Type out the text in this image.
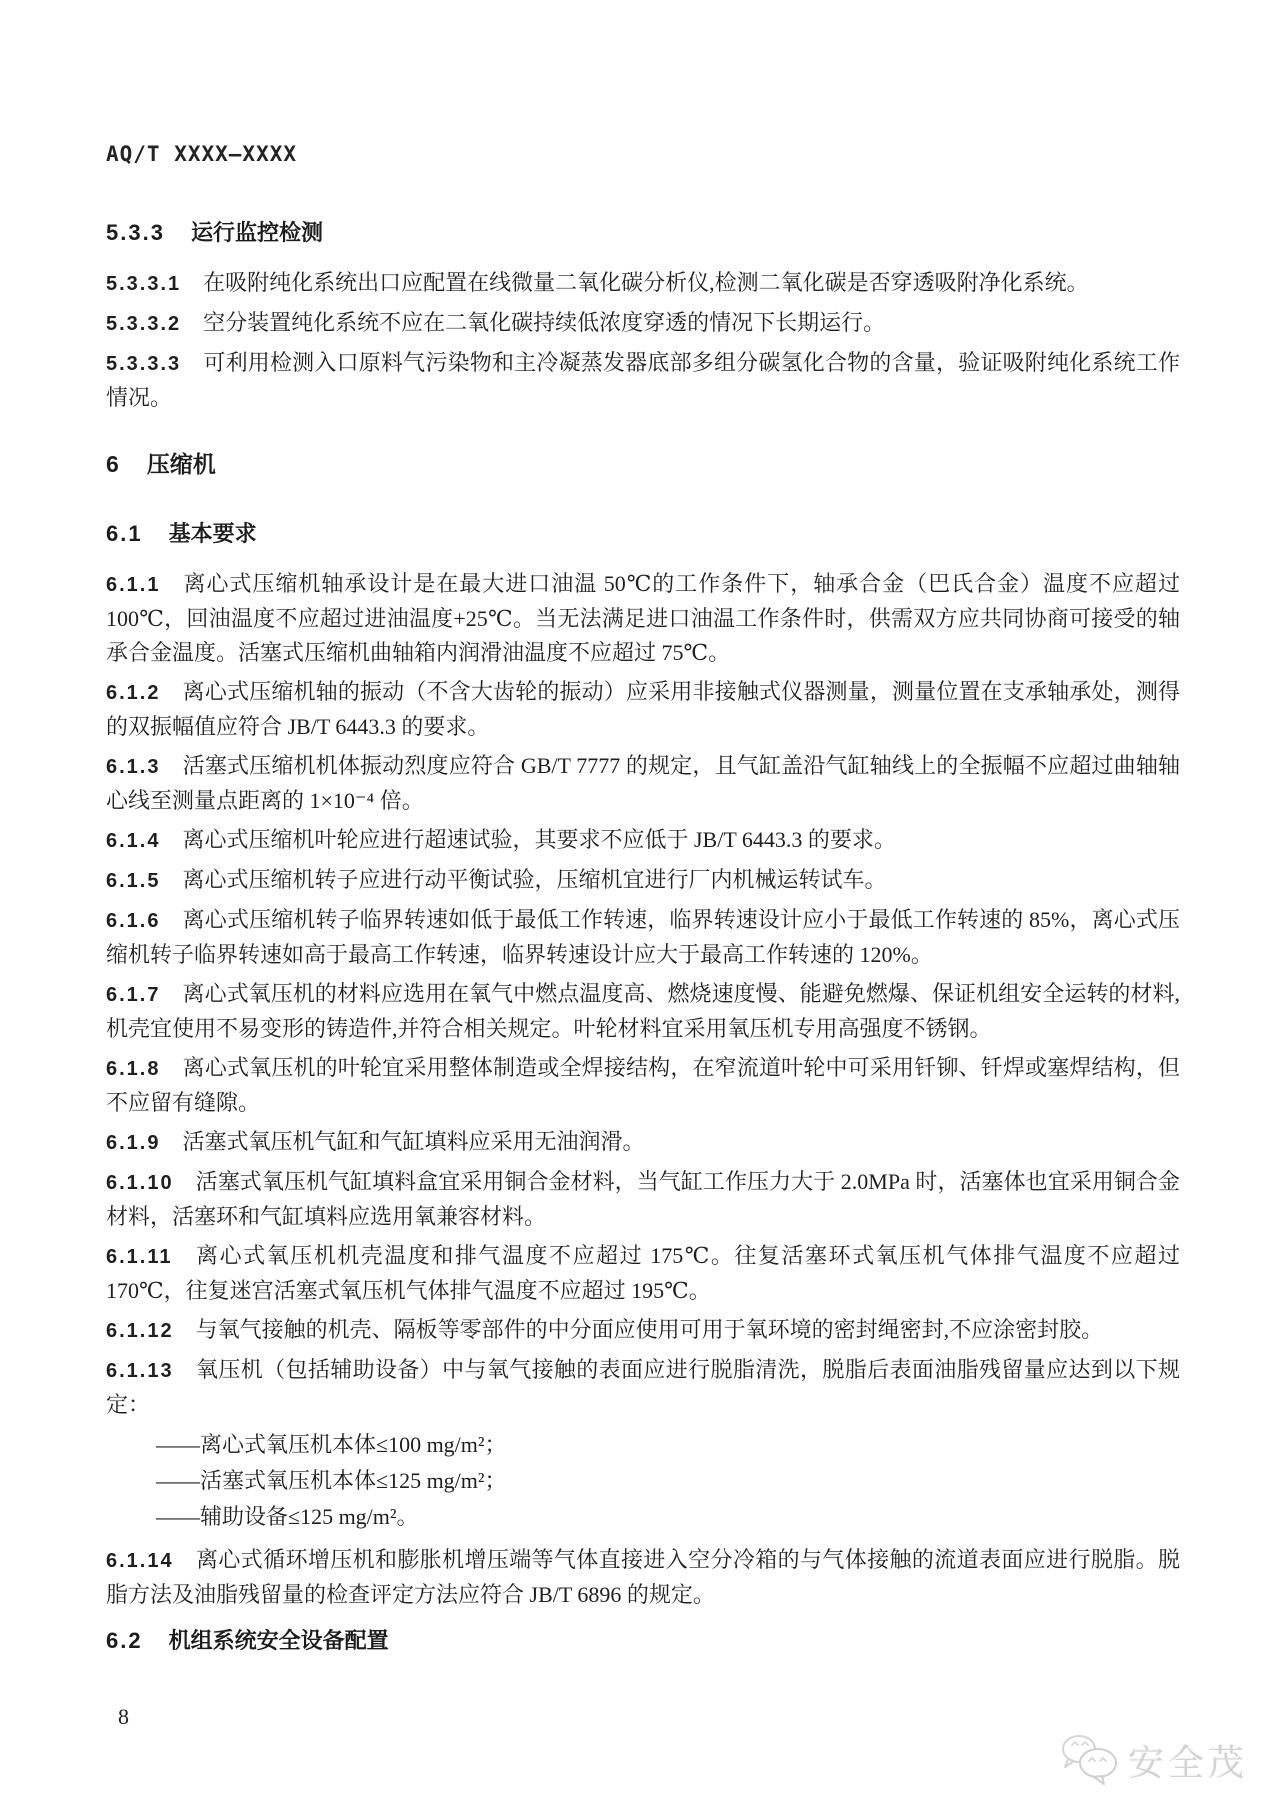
AQ/T XXXX—XXXX

5.3.3 运行监控检测

5.3.3.1 在吸附纯化系统出口应配置在线微量二氧化碳分析仪,检测二氧化碳是否穿透吸附净化系统。

5.3.3.2 空分装置纯化系统不应在二氧化碳持续低浓度穿透的情况下长期运行。

5.3.3.3 可利用检测入口原料气污染物和主冷凝蒸发器底部多组分碳氢化合物的含量，验证吸附纯化系统工作情况。

6 压缩机
6.1 基本要求

6.1.1 离心式压缩机轴承设计是在最大进口油温 50℃的工作条件下，轴承合金（巴氏合金）温度不应超过 100℃，回油温度不应超过进油温度+25℃。当无法满足进口油温工作条件时，供需双方应共同协商可接受的轴承合金温度。活塞式压缩机曲轴箱内润滑油温度不应超过 75℃。

6.1.2 离心式压缩机轴的振动（不含大齿轮的振动）应采用非接触式仪器测量，测量位置在支承轴承处，测得的双振幅值应符合 JB/T 6443.3 的要求。

6.1.3 活塞式压缩机机体振动烈度应符合 GB/T 7777 的规定，且气缸盖沿气缸轴线上的全振幅不应超过曲轴轴心线至测量点距离的 1×10⁻⁴ 倍。

6.1.4 离心式压缩机叶轮应进行超速试验，其要求不应低于 JB/T 6443.3 的要求。

6.1.5 离心式压缩机转子应进行动平衡试验，压缩机宜进行厂内机械运转试车。

6.1.6 离心式压缩机转子临界转速如低于最低工作转速，临界转速设计应小于最低工作转速的 85%，离心式压缩机转子临界转速如高于最高工作转速，临界转速设计应大于最高工作转速的 120%。

6.1.7 离心式氧压机的材料应选用在氧气中燃点温度高、燃烧速度慢、能避免燃爆、保证机组安全运转的材料,机壳宜使用不易变形的铸造件,并符合相关规定。叶轮材料宜采用氧压机专用高强度不锈钢。

6.1.8 离心式氧压机的叶轮宜采用整体制造或全焊接结构，在窄流道叶轮中可采用钎铆、钎焊或塞焊结构，但不应留有缝隙。

6.1.9 活塞式氧压机气缸和气缸填料应采用无油润滑。

6.1.10 活塞式氧压机气缸填料盒宜采用铜合金材料，当气缸工作压力大于 2.0MPa 时，活塞体也宜采用铜合金材料，活塞环和气缸填料应选用氧兼容材料。

6.1.11 离心式氧压机机壳温度和排气温度不应超过 175℃。往复活塞环式氧压机气体排气温度不应超过 170℃，往复迷宫活塞式氧压机气体排气温度不应超过 195℃。

6.1.12 与氧气接触的机壳、隔板等零部件的中分面应使用可用于氧环境的密封绳密封,不应涂密封胶。

6.1.13 氧压机（包括辅助设备）中与氧气接触的表面应进行脱脂清洗，脱脂后表面油脂残留量应达到以下规定：

——离心式氧压机本体≤100 mg/m²；

——活塞式氧压机本体≤125 mg/m²；

——辅助设备≤125 mg/m²。

6.1.14 离心式循环增压机和膨胀机增压端等气体直接进入空分冷箱的与气体接触的流道表面应进行脱脂。脱脂方法及油脂残留量的检查评定方法应符合 JB/T 6896 的规定。

6.2 机组系统安全设备配置

8

安全茂
